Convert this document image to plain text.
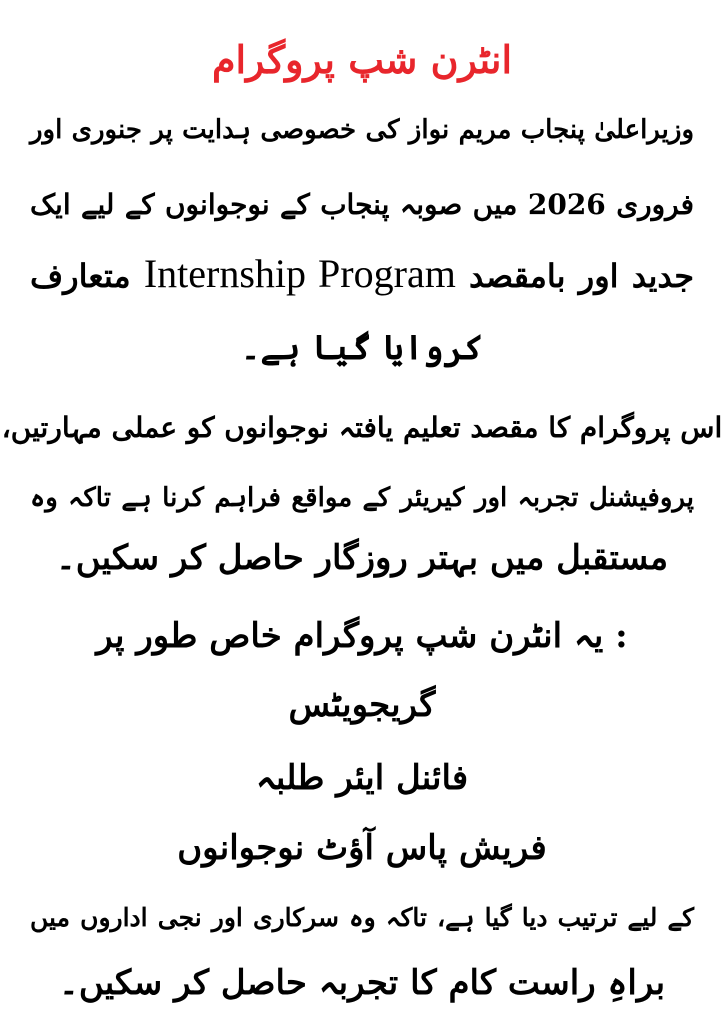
انٹرن شپ پروگرام

وزیراعلیٰ پنجاب مریم نواز کی خصوصی ہدایت پر جنوری اور

فروری 2026 میں صوبہ پنجاب کے نوجوانوں کے لیے ایک

جدید اور بامقصد Internship Program متعارف

کروایا گیا ہے۔

اس پروگرام کا مقصد تعلیم یافتہ نوجوانوں کو عملی مہارتیں،

پروفیشنل تجربہ اور کیریئر کے مواقع فراہم کرنا ہے تاکہ وہ

مستقبل میں بہتر روزگار حاصل کر سکیں۔

: یہ انٹرن شپ پروگرام خاص طور پر

گریجویٹس

فائنل ایئر طلبہ

فریش پاس آؤٹ نوجوانوں

کے لیے ترتیب دیا گیا ہے، تاکہ وہ سرکاری اور نجی اداروں میں

براہِ راست کام کا تجربہ حاصل کر سکیں۔
